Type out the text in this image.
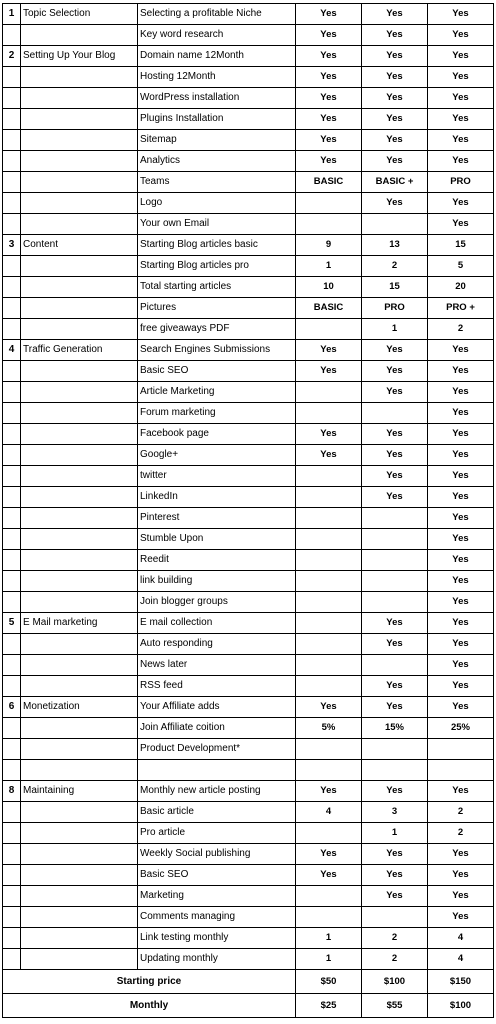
1	Topic Selection	Selecting a profitable Niche	Yes	Yes	Yes
		Key word research	Yes	Yes	Yes
2	Setting Up Your Blog	Domain name 12Month	Yes	Yes	Yes
		Hosting 12Month	Yes	Yes	Yes
		WordPress installation	Yes	Yes	Yes
		Plugins Installation	Yes	Yes	Yes
		Sitemap	Yes	Yes	Yes
		Analytics	Yes	Yes	Yes
		Teams	BASIC	BASIC +	PRO
		Logo		Yes	Yes
		Your own Email			Yes
3	Content	Starting Blog articles basic	9	13	15
		Starting Blog articles pro	1	2	5
		Total starting articles	10	15	20
		Pictures	BASIC	PRO	PRO +
		free giveaways PDF		1	2
4	Traffic Generation	Search Engines Submissions	Yes	Yes	Yes
		Basic SEO	Yes	Yes	Yes
		Article Marketing		Yes	Yes
		Forum marketing			Yes
		Facebook page	Yes	Yes	Yes
		Google+	Yes	Yes	Yes
		twitter		Yes	Yes
		LinkedIn		Yes	Yes
		Pinterest			Yes
		Stumble Upon			Yes
		Reedit			Yes
		link building			Yes
		Join blogger groups			Yes
5	E Mail marketing	E mail collection		Yes	Yes
		Auto responding		Yes	Yes
		News later			Yes
		RSS feed		Yes	Yes
6	Monetization	Your Affiliate adds	Yes	Yes	Yes
		Join Affiliate coition	5%	15%	25%
		Product Development*			

8	Maintaining	Monthly new article posting	Yes	Yes	Yes
		Basic article	4	3	2
		Pro article		1	2
		Weekly Social publishing	Yes	Yes	Yes
		Basic SEO	Yes	Yes	Yes
		Marketing		Yes	Yes
		Comments managing			Yes
		Link testing monthly	1	2	4
		Updating monthly	1	2	4
Starting price			$50	$100	$150
Monthly			$25	$55	$100
